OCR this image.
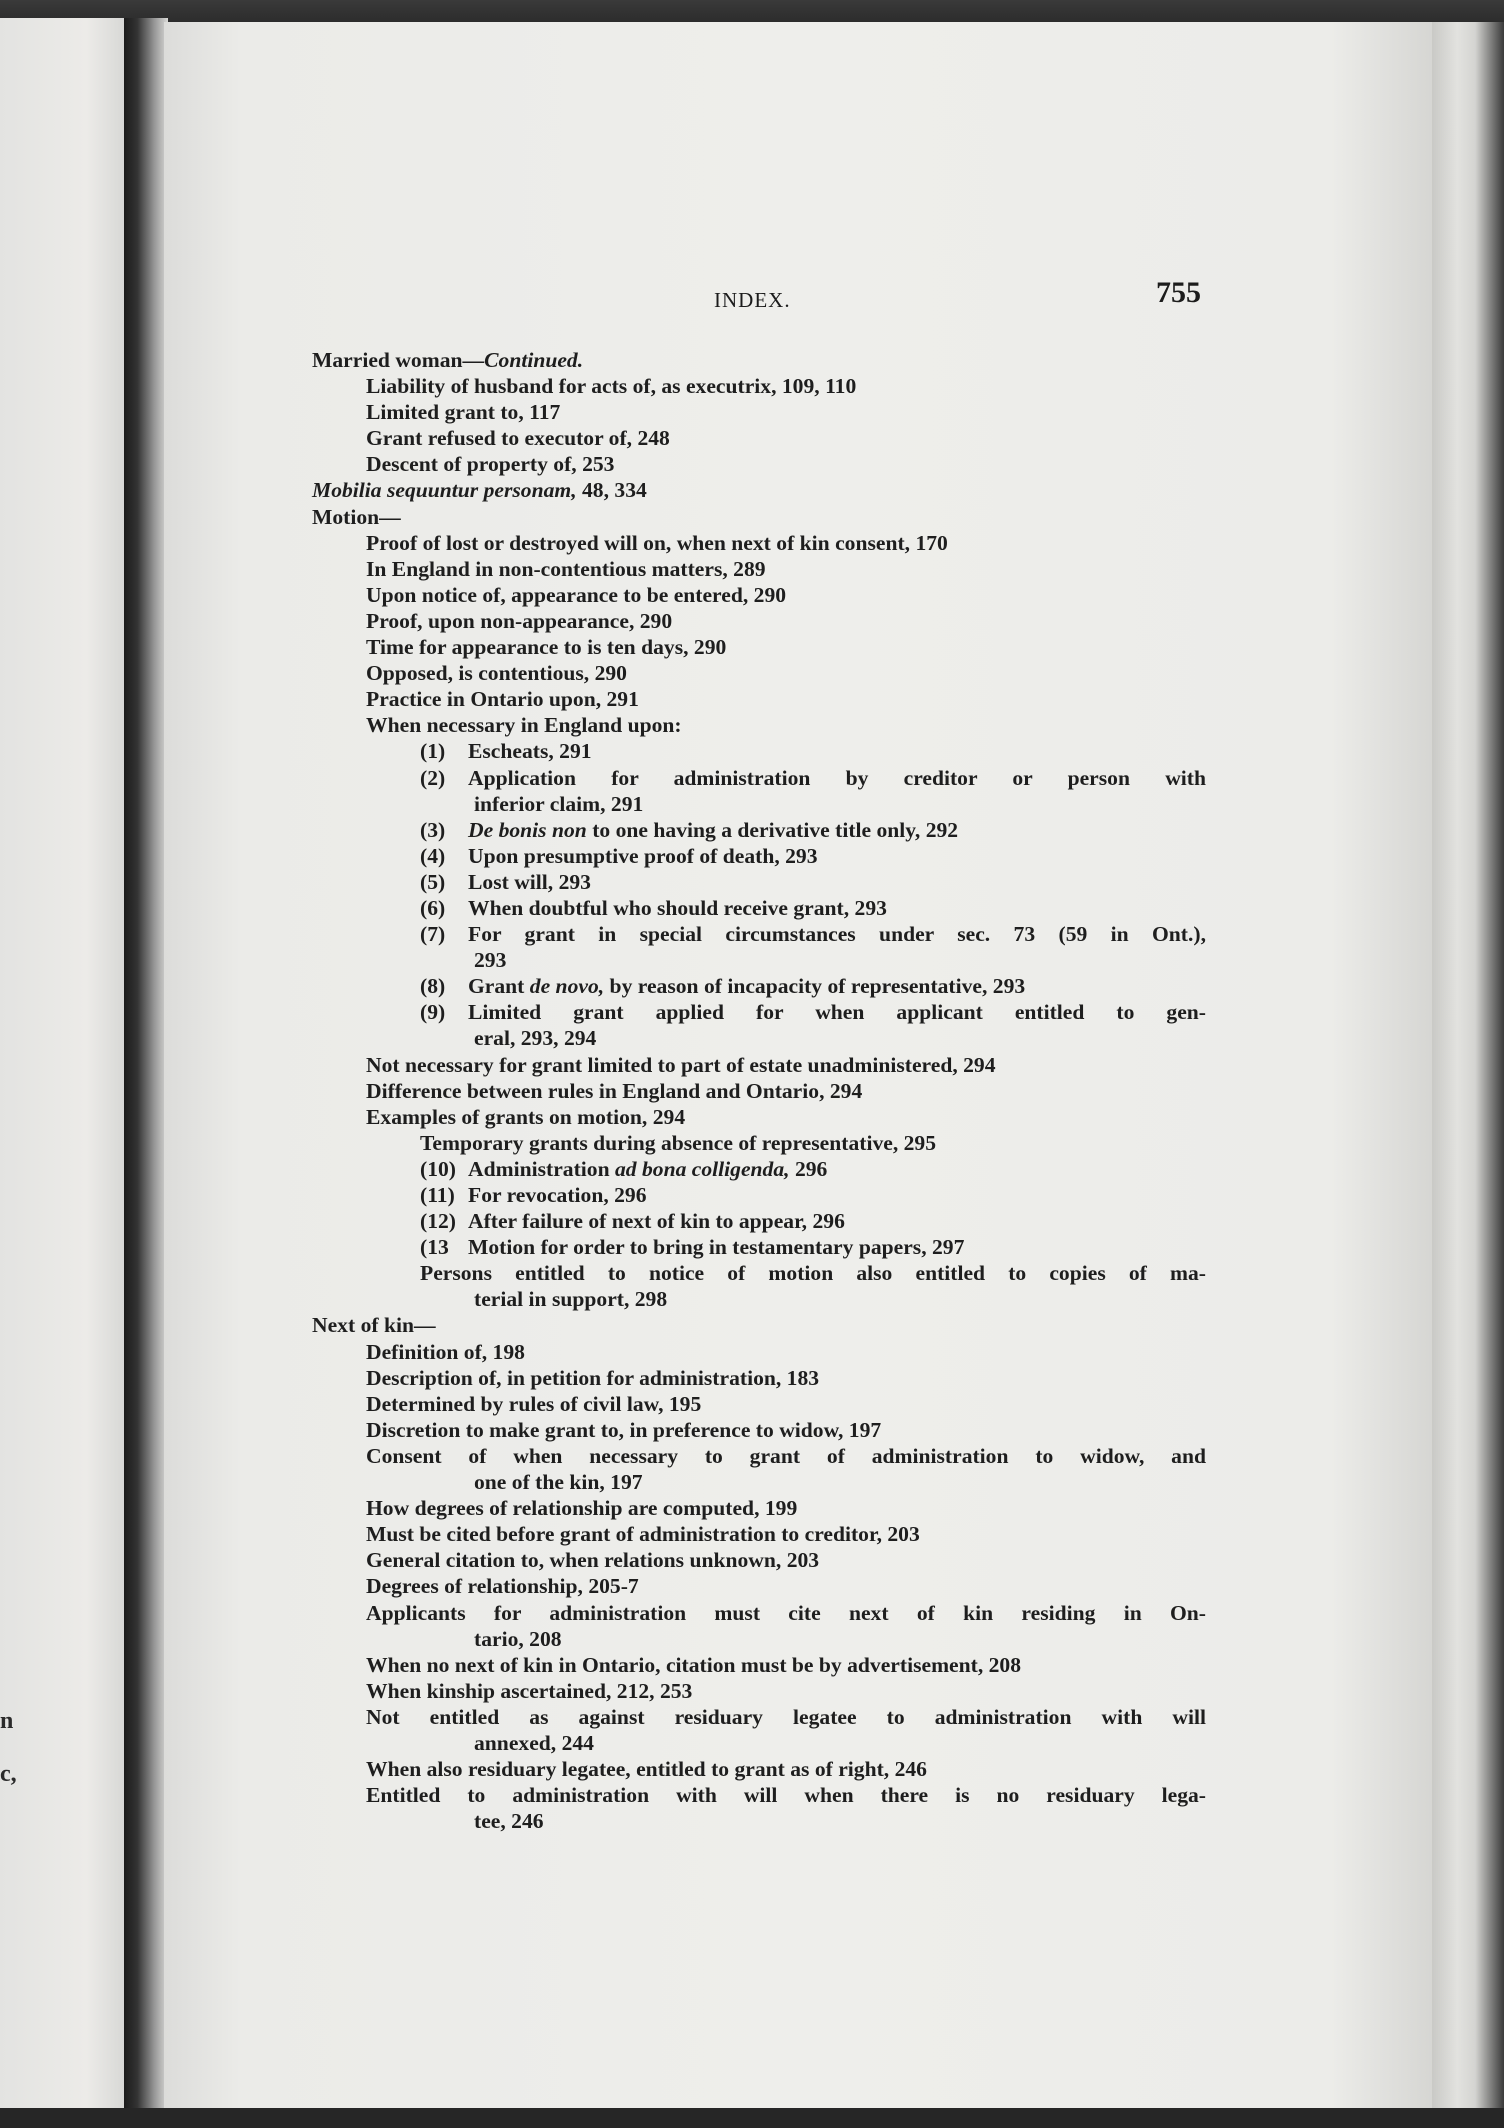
n
c,
INDEX.	755
Married woman—Continued.
Liability of husband for acts of, as executrix, 109, 110
Limited grant to, 117
Grant refused to executor of, 248
Descent of property of, 253
Mobilia sequuntur personam, 48, 334
Motion—
Proof of lost or destroyed will on, when next of kin consent, 170
In England in non-contentious matters, 289
Upon notice of, appearance to be entered, 290
Proof, upon non-appearance, 290
Time for appearance to is ten days, 290
Opposed, is contentious, 290
Practice in Ontario upon, 291
When necessary in England upon:
(1) Escheats, 291
(2) Application for administration by creditor or person with
inferior claim, 291
(3) De bonis non to one having a derivative title only, 292
(4) Upon presumptive proof of death, 293
(5) Lost will, 293
(6) When doubtful who should receive grant, 293
(7) For grant in special circumstances under sec. 73 (59 in Ont.),
293
(8) Grant de novo, by reason of incapacity of representative, 293
(9) Limited grant applied for when applicant entitled to gen-
eral, 293, 294
Not necessary for grant limited to part of estate unadministered, 294
Difference between rules in England and Ontario, 294
Examples of grants on motion, 294
Temporary grants during absence of representative, 295
(10) Administration ad bona colligenda, 296
(11) For revocation, 296
(12) After failure of next of kin to appear, 296
(13 Motion for order to bring in testamentary papers, 297
Persons entitled to notice of motion also entitled to copies of ma-
terial in support, 298
Next of kin—
Definition of, 198
Description of, in petition for administration, 183
Determined by rules of civil law, 195
Discretion to make grant to, in preference to widow, 197
Consent of when necessary to grant of administration to widow, and
one of the kin, 197
How degrees of relationship are computed, 199
Must be cited before grant of administration to creditor, 203
General citation to, when relations unknown, 203
Degrees of relationship, 205-7
Applicants for administration must cite next of kin residing in On-
tario, 208
When no next of kin in Ontario, citation must be by advertisement, 208
When kinship ascertained, 212, 253
Not entitled as against residuary legatee to administration with will
annexed, 244
When also residuary legatee, entitled to grant as of right, 246
Entitled to administration with will when there is no residuary lega-
tee, 246
